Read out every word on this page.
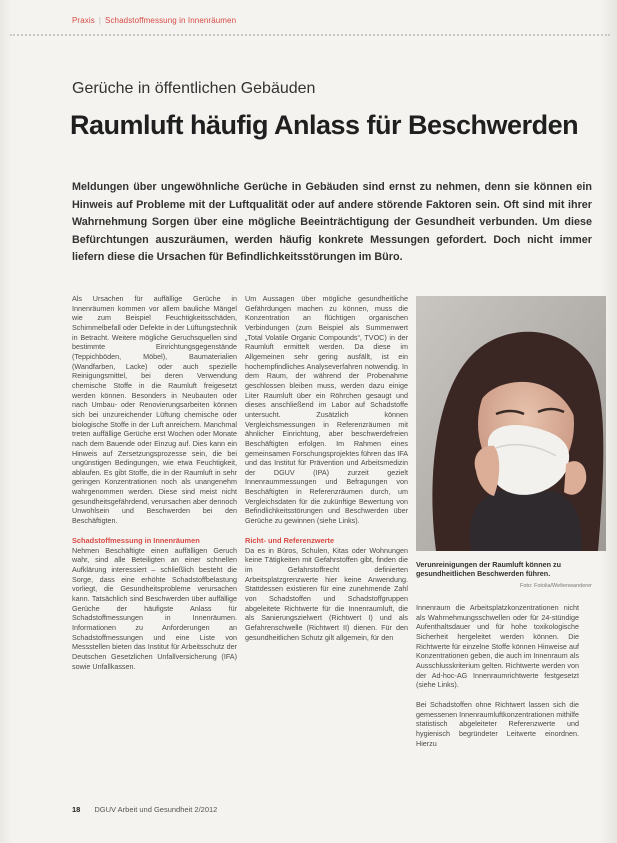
Praxis | Schadstoffmessung in Innenräumen
Gerüche in öffentlichen Gebäuden
Raumluft häufig Anlass für Beschwerden

Meldungen über ungewöhnliche Gerüche in Gebäuden sind ernst zu nehmen, denn sie können ein Hinweis auf Probleme mit der Luftqualität oder auf andere störende Faktoren sein. Oft sind mit ihrer Wahrnehmung Sorgen über eine mögliche Beeinträchtigung der Gesundheit verbunden. Um diese Befürchtungen auszuräumen, werden häufig konkrete Messungen gefordert. Doch nicht immer liefern diese die Ursachen für Befindlichkeitsstörungen im Büro.

Als Ursachen für auffällige Gerüche in Innenräumen kommen vor allem bauliche Mängel wie zum Beispiel Feuchtigkeitsschäden, Schimmelbefall oder Defekte in der Lüftungstechnik in Betracht. Weitere mögliche Geruchsquellen sind bestimmte Einrichtungsgegenstände (Teppichböden, Möbel), Baumaterialien (Wandfarben, Lacke) oder auch spezielle Reinigungsmittel, bei deren Verwendung chemische Stoffe in die Raumluft freigesetzt werden können. Besonders in Neubauten oder nach Umbau- oder Renovierungsarbeiten können sich bei unzureichender Lüftung chemische oder biologische Stoffe in der Luft anreichern. Manchmal treten auffällige Gerüche erst Wochen oder Monate nach dem Bauende oder Einzug auf. Dies kann ein Hinweis auf Zersetzungsprozesse sein, die bei ungünstigen Bedingungen, wie etwa Feuchtigkeit, ablaufen. Es gibt Stoffe, die in der Raumluft in sehr geringen Konzentrationen noch als unangenehm wahrgenommen werden. Diese sind meist nicht gesundheitsgefährdend, verursachen aber dennoch Unwohlsein und Beschwerden bei den Beschäftigten.

Schadstoffmessung in Innenräumen

Nehmen Beschäftigte einen auffälligen Geruch wahr, sind alle Beteiligten an einer schnellen Aufklärung interessiert – schließlich besteht die Sorge, dass eine erhöhte Schadstoffbelastung vorliegt, die Gesundheitsprobleme verursachen kann. Tatsächlich sind Beschwerden über auffällige Gerüche der häufigste Anlass für Schadstoffmessungen in Innenräumen. Informationen zu Anforderungen an Schadstoffmessungen und eine Liste von Messstellen bieten das Institut für Arbeitsschutz der Deutschen Gesetzlichen Unfallversicherung (IFA) sowie Unfallkassen.

Um Aussagen über mögliche gesundheitliche Gefährdungen machen zu können, muss die Konzentration an flüchtigen organischen Verbindungen (zum Beispiel als Summenwert „Total Volatile Organic Compounds“, TVOC) in der Raumluft ermittelt werden. Da diese im Allgemeinen sehr gering ausfällt, ist ein hochempfindliches Analyseverfahren notwendig. In dem Raum, der während der Probenahme geschlossen bleiben muss, werden dazu einige Liter Raumluft über ein Röhrchen gesaugt und dieses anschließend im Labor auf Schadstoffe untersucht. Zusätzlich können Vergleichsmessungen in Referenzräumen mit ähnlicher Einrichtung, aber beschwerdefreien Beschäftigten erfolgen. Im Rahmen eines gemeinsamen Forschungsprojektes führen das IFA und das Institut für Prävention und Arbeitsmedizin der DGUV (IPA) zurzeit gezielt Innenraummessungen und Befragungen von Beschäftigten in Referenzräumen durch, um Vergleichsdaten für die zukünftige Bewertung von Befindlichkeitsstörungen und Beschwerden über Gerüche zu gewinnen (siehe Links).

Richt- und Referenzwerte

Da es in Büros, Schulen, Kitas oder Wohnungen keine Tätigkeiten mit Gefahrstoffen gibt, finden die im Gefahrstoffrecht definierten Arbeitsplatzgrenzwerte hier keine Anwendung. Stattdessen existieren für eine zunehmende Zahl von Schadstoffen und Schadstoffgruppen abgeleitete Richtwerte für die Innenraumluft, die als Sanierungszielwert (Richtwert I) und als Gefahrenschwelle (Richtwert II) dienen. Für den gesundheitlichen Schutz gilt allgemein, für den

Verunreinigungen der Raumluft können zu gesundheitlichen Beschwerden führen.
Foto: Fotolia/Weltenwanderer

Innenraum die Arbeitsplatzkonzentrationen nicht als Wahrnehmungsschwellen oder für 24-stündige Aufenthaltsdauer und für hohe toxikologische Sicherheit hergeleitet werden können. Die Richtwerte für einzelne Stoffe können Hinweise auf Konzentrationen geben, die auch im Innenraum als Ausschlusskriterium gelten. Richtwerte werden von der Ad-hoc-AG Innenraumrichtwerte festgesetzt (siehe Links).

Bei Schadstoffen ohne Richtwert lassen sich die gemessenen Innenraumluftkonzentrationen mithilfe statistisch abgeleiteter Referenzwerte und hygienisch begründeter Leitwerte einordnen. Hierzu

18 DGUV Arbeit und Gesundheit 2/2012
